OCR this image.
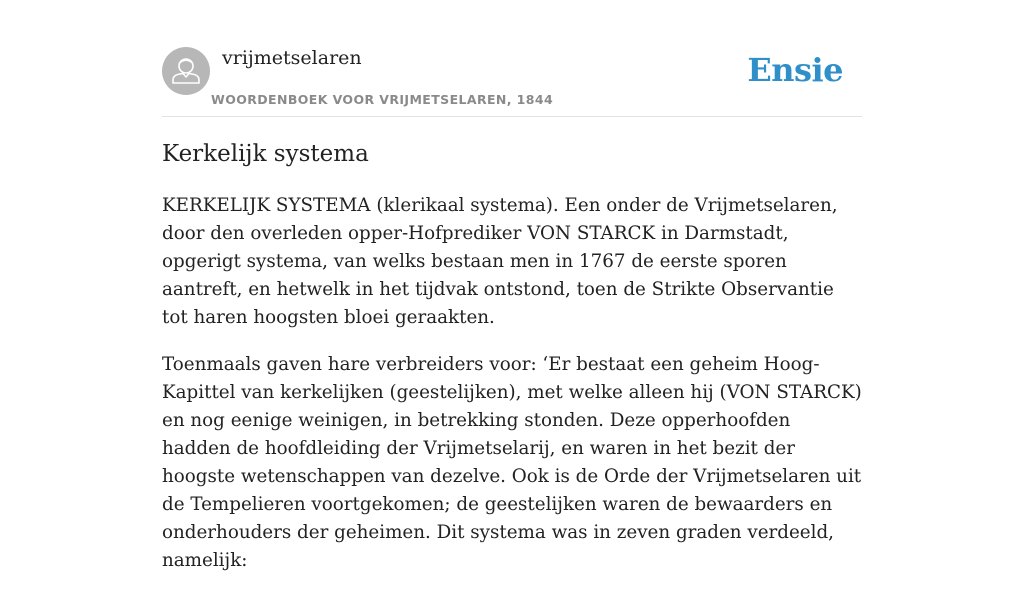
vrijmetselaren
WOORDENBOEK VOOR VRIJMETSELAREN, 1844
Ensie
Kerkelijk systema

KERKELIJK SYSTEMA (klerikaal systema). Een onder de Vrijmetselaren, door den overleden opper-Hofprediker VON STARCK in Darmstadt, opgerigt systema, van welks bestaan men in 1767 de eerste sporen aantreft, en hetwelk in het tijdvak ontstond, toen de Strikte Observantie tot haren hoogsten bloei geraakten.

Toenmaals gaven hare verbreiders voor: ‘Er bestaat een geheim Hoog-Kapittel van kerkelijken (geestelijken), met welke alleen hij (VON STARCK) en nog eenige weinigen, in betrekking stonden. Deze opperhoofden hadden de hoofdleiding der Vrijmetselarij, en waren in het bezit der hoogste wetenschappen van dezelve. Ook is de Orde der Vrijmetselaren uit de Tempelieren voortgekomen; de geestelijken waren de bewaarders en onderhouders der geheimen. Dit systema was in zeven graden verdeeld, namelijk:
